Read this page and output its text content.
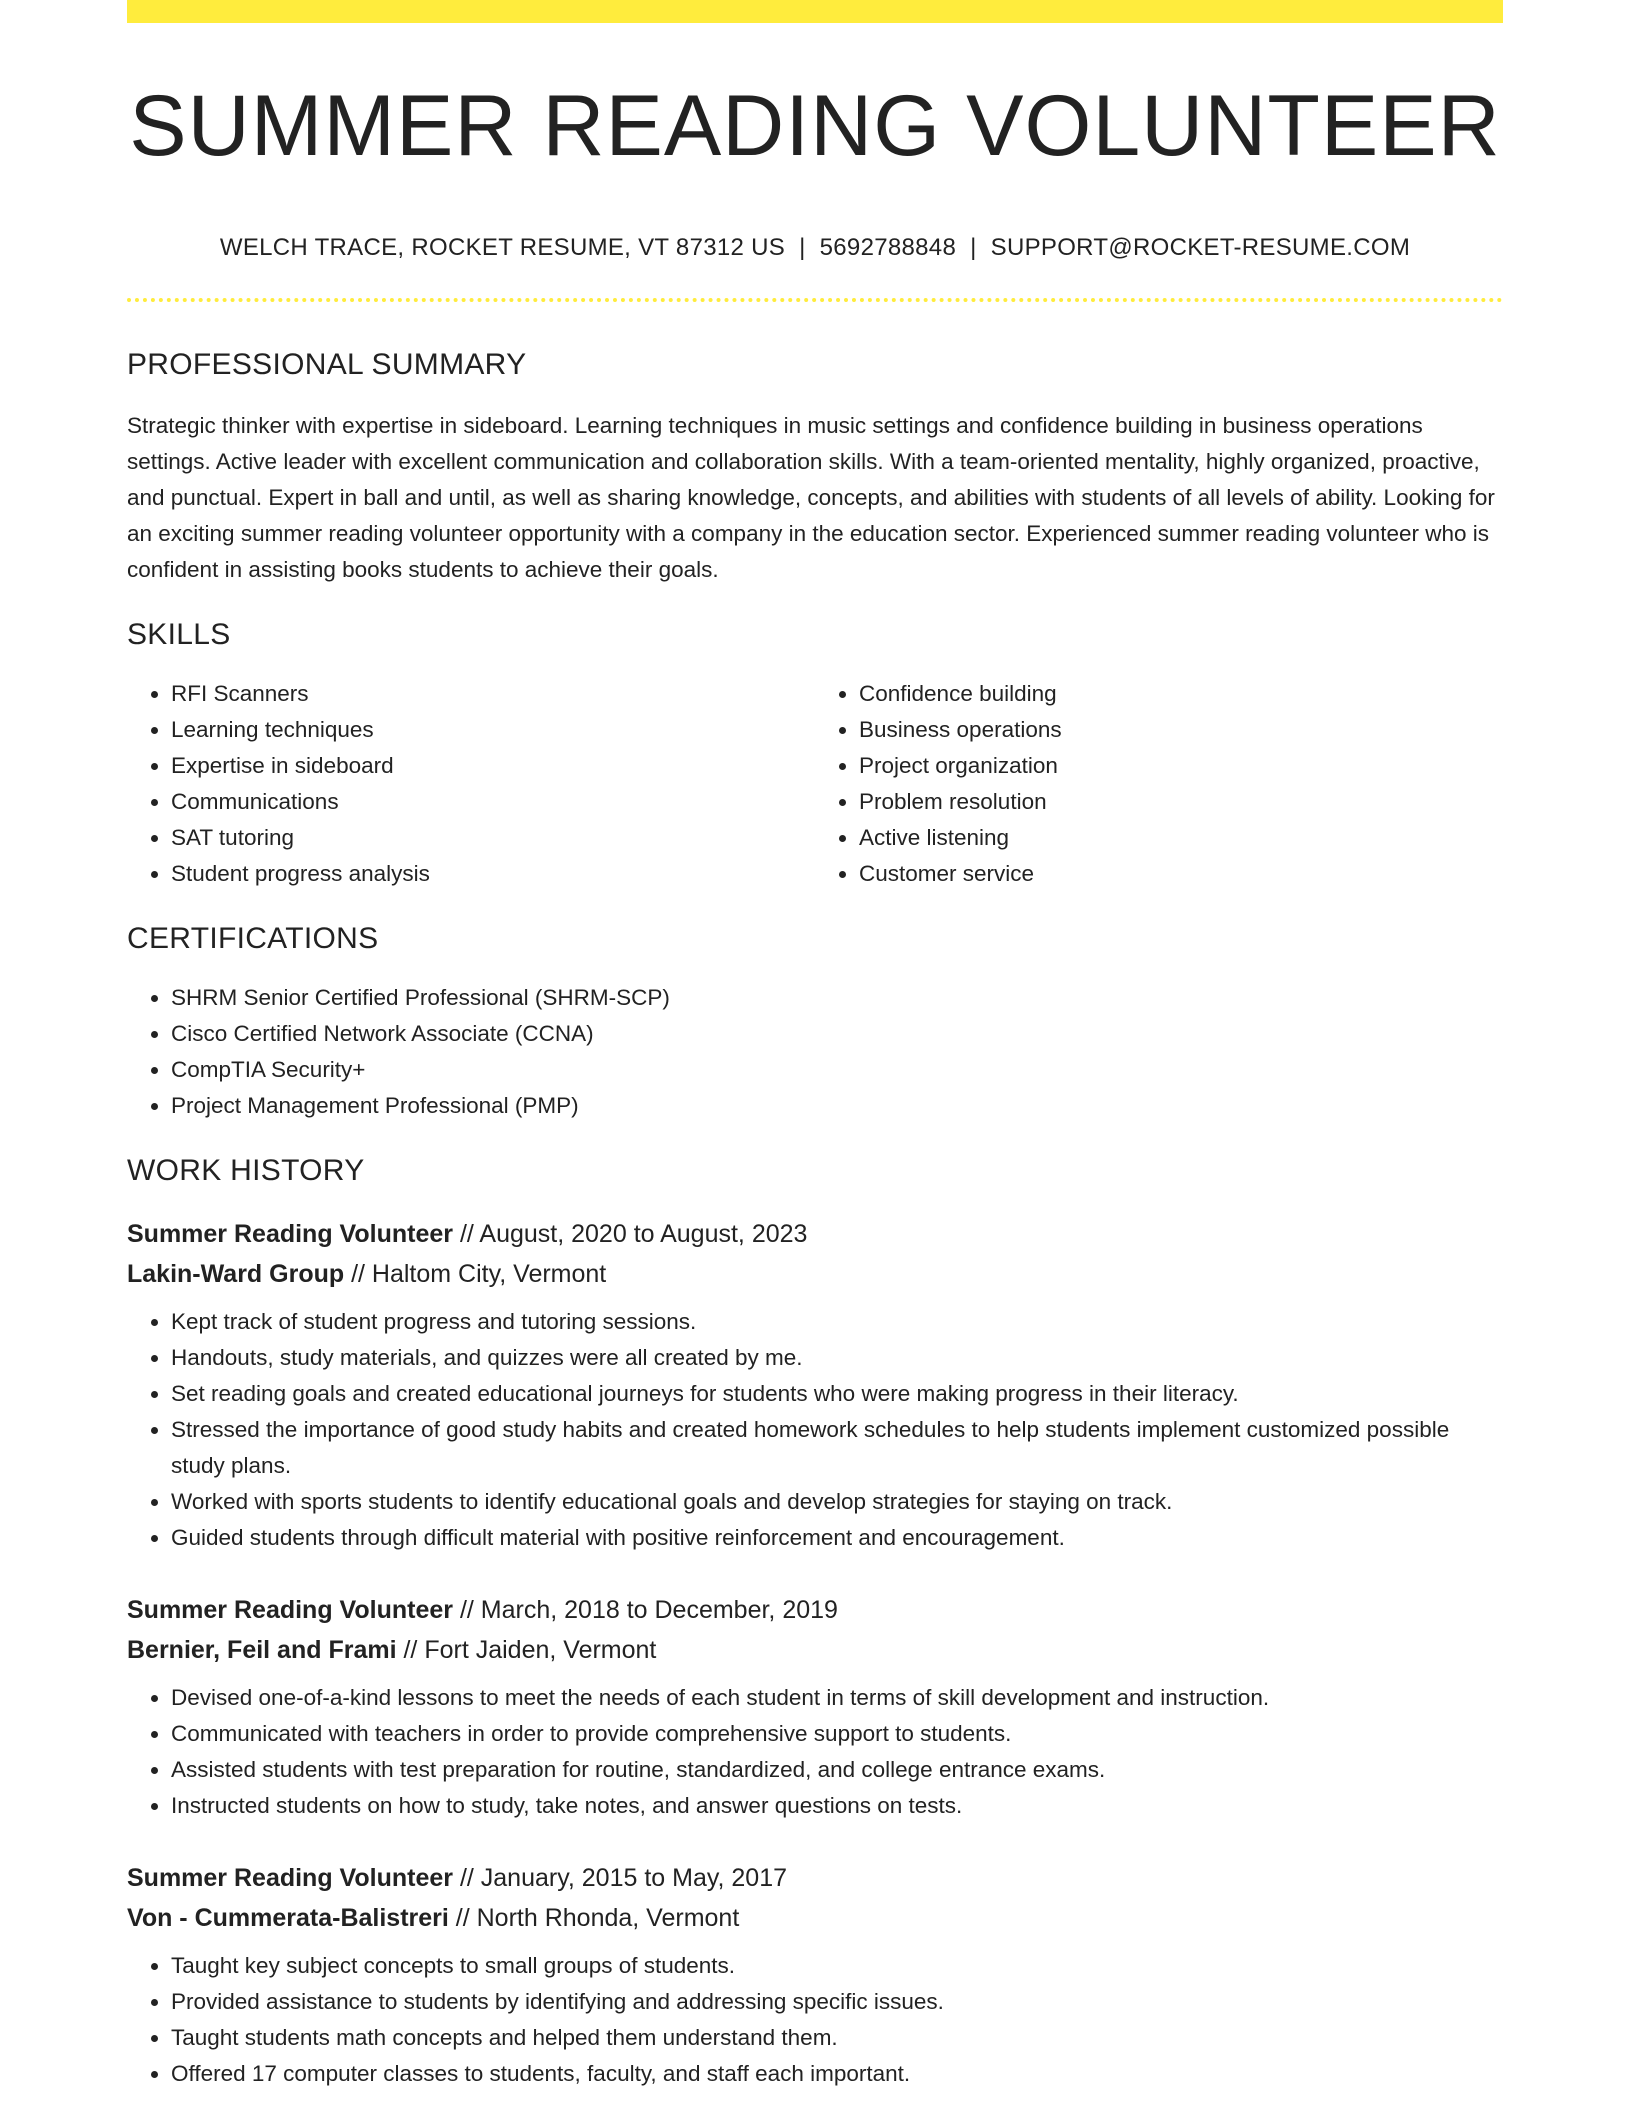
SUMMER READING VOLUNTEER
WELCH TRACE, ROCKET RESUME, VT 87312 US | 5692788848 | SUPPORT@ROCKET-RESUME.COM
PROFESSIONAL SUMMARY

Strategic thinker with expertise in sideboard. Learning techniques in music settings and confidence building in business operations settings. Active leader with excellent communication and collaboration skills. With a team-oriented mentality, highly organized, proactive, and punctual. Expert in ball and until, as well as sharing knowledge, concepts, and abilities with students of all levels of ability. Looking for an exciting summer reading volunteer opportunity with a company in the education sector. Experienced summer reading volunteer who is confident in assisting books students to achieve their goals.

SKILLS
• RFI Scanners
• Learning techniques
• Expertise in sideboard
• Communications
• SAT tutoring
• Student progress analysis
• Confidence building
• Business operations
• Project organization
• Problem resolution
• Active listening
• Customer service
CERTIFICATIONS
• SHRM Senior Certified Professional (SHRM-SCP)
• Cisco Certified Network Associate (CCNA)
• CompTIA Security+
• Project Management Professional (PMP)
WORK HISTORY
Summer Reading Volunteer // August, 2020 to August, 2023
Lakin-Ward Group // Haltom City, Vermont
• Kept track of student progress and tutoring sessions.
• Handouts, study materials, and quizzes were all created by me.
• Set reading goals and created educational journeys for students who were making progress in their literacy.
• Stressed the importance of good study habits and created homework schedules to help students implement customized possible study plans.
• Worked with sports students to identify educational goals and develop strategies for staying on track.
• Guided students through difficult material with positive reinforcement and encouragement.
Summer Reading Volunteer // March, 2018 to December, 2019
Bernier, Feil and Frami // Fort Jaiden, Vermont
• Devised one-of-a-kind lessons to meet the needs of each student in terms of skill development and instruction.
• Communicated with teachers in order to provide comprehensive support to students.
• Assisted students with test preparation for routine, standardized, and college entrance exams.
• Instructed students on how to study, take notes, and answer questions on tests.
Summer Reading Volunteer // January, 2015 to May, 2017
Von - Cummerata-Balistreri // North Rhonda, Vermont
• Taught key subject concepts to small groups of students.
• Provided assistance to students by identifying and addressing specific issues.
• Taught students math concepts and helped them understand them.
• Offered 17 computer classes to students, faculty, and staff each important.
